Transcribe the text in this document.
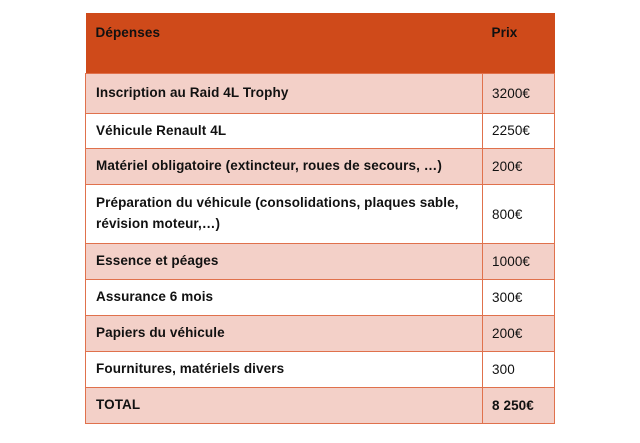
Dépenses	Prix
Inscription au Raid 4L Trophy	3200€
Véhicule Renault 4L	2250€
Matériel obligatoire (extincteur, roues de secours, …)	200€
Préparation du véhicule (consolidations, plaques sable, révision moteur,…)	800€
Essence et péages	1000€
Assurance 6 mois	300€
Papiers du véhicule	200€
Fournitures, matériels divers	300
TOTAL	8 250€
